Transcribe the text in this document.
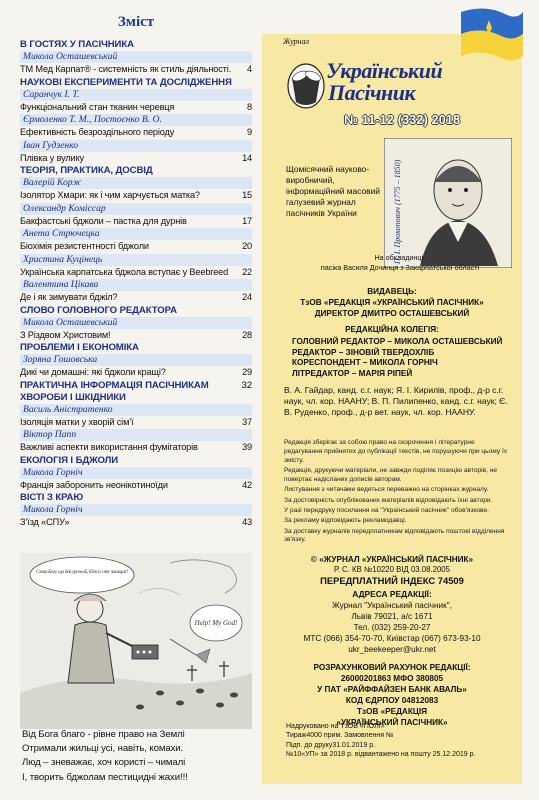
Зміст
В ГОСТЯХ У ПАСІЧНИКА
Микола Осташевський
ТМ Мед Карпат® - системність як стиль діяльності.	4
НАУКОВІ ЕКСПЕРИМЕНТИ ТА ДОСЛІДЖЕННЯ
Саранчук І. Т.
Функціональний стан тканин черевця	8
Єрмоленко Т. М., Постоєнко В. О.
Ефективність безроздільного періоду	9
Іван Гудзенко
Плівка у вулику	14
ТЕОРІЯ, ПРАКТИКА, ДОСВІД
Валерій Корж
Ізолятор Хмари: як і чим харчується матка?	15
Олександр Комісcap
Бакфастські бджоли – пастка для дурнів	17
Анета Стрючецка
Біохімія резистентності бджоли	20
Христина Куцінець
Українська карпатська бджола вступає у Beebreed	22
Валентина Цікава
Де і як зимувати бджіл?	24
СЛОВО ГОЛОВНОГО РЕДАКТОРА
Микола Осташевський
З Різдвом Христовим!	28
ПРОБЛЕМИ І ЕКОНОМІКА
Зоряна Гошовська
Дикі чи домашні: які бджоли кращі?	29
ПРАКТИЧНА ІНФОРМАЦІЯ ПАСІЧНИКАМ	32
ХВОРОБИ І ШКІДНИКИ
Василь Аністратенко
Ізоляція матки у хворій сім’ї	37
Віктор Папп
Важливі аспекти використання фумігаторів	39
ЕКОЛОГІЯ І БДЖОЛИ
Микола Горніч
Франція заборонить неонікотиноїди	42
ВІСТІ З КРАЮ
Микола Горніч
З’їзд «СПУ»	43
Слава Богу, що дав урожай, бджіл і нас захищає!
Help! My God!
Від Бога благо - рівне право на Землі
Отримали жильці усі, навіть, комахи.
Люд – зневажає, хоч користі – чималі
І, творить бджолам пестицидні жахи!!!
Журнал
Український
Пасічник
№ 11-12 (332) 2018
П. І. Прокопович (1775 – 1850)
Щомісячний науково-виробничий, інформаційний масовий галузевий журнал пасічників України
На обкладинці-
пасіка Василя Дочинця з Закарпатської області
ВИДАВЕЦЬ:
ТзОВ «РЕДАКЦІЯ «УКРАЇНСЬКИЙ ПАСІЧНИК»
ДИРЕКТОР ДМИТРО ОСТАШЕВСЬКИЙ
РЕДАКЦІЙНА КОЛЕГІЯ:
ГОЛОВНИЙ РЕДАКТОР – МИКОЛА ОСТАШЕВСЬКИЙ
РЕДАКТОР – ЗІНОВІЙ ТВЕРДОХЛІБ
КОРЕСПОНДЕНТ – МИКОЛА ГОРНІЧ
ЛІТРЕДАКТОР – МАРІЯ РІПЕЙ
В. А. Гайдар, канд. с.г. наук; Я. І. Кирилів, проф., д-р с.г. наук, чл. кор. НААНУ; В. П. Пилипенко, канд. с.г. наук; Є. В. Руденко, проф., д-р вет. наук, чл. кор. НААНУ.

Редакція зберігає за собою право на скорочення і літературне редагування прийнятих до публікації текстів, не порушуючи при цьому їх змісту.

Редакція, друкуючи матеріали, не завжди поділяє позицію авторів, не повертає надісланих дописів авторам.

Листування з читачами ведеться переважно на сторінках журналу.

За достовірність опублікованих матеріалів відповідають їхні автори.

У разі передруку посилання на "Український пасічник" обов'язкове.

За рекламу відповідають рекламодавці.

За доставку журналів передплатникам відповідають поштові відділення зв'язку.

© «ЖУРНАЛ «УКРАЇНСЬКИЙ ПАСІЧНИК»
Р. С. КВ №10220 ВІД 03.08.2005
ПЕРЕДПЛАТНИЙ ІНДЕКС 74509
АДРЕСА РЕДАКЦІЇ:
Журнал "Український пасічник",
Львів 79021, а/с 1671
Тел. (032) 259-20-27
МТС (066) 354-70-70, Київстар (067) 673-93-10
ukr_beekeeper@ukr.net
РОЗРАХУНКОВИЙ РАХУНОК РЕДАКЦІЇ:
26000201863 МФО 380805
У ПАТ «РАЙФФАЙЗЕН БАНК АВАЛЬ»
КОД ЄДРПОУ 04812083
ТзОВ «РЕДАКЦІЯ
«УКРАЇНСЬКИЙ ПАСІЧНИК»
Надруковано на ТзОВ «ПОЛІ»
Тираж4000 прим. Замовлення №
Підп. до друку31.01.2019 р.
№10«УП» за 2018 р. відвантажено на пошту 25.12.2019 р.
